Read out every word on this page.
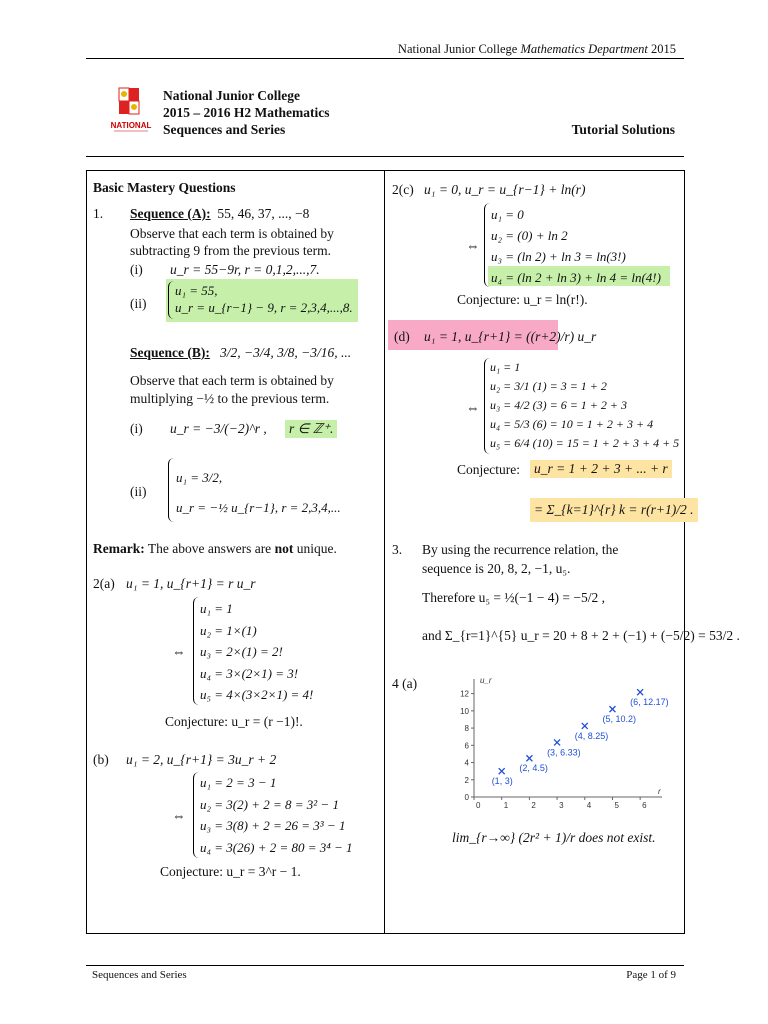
National Junior College Mathematics Department 2015
NATIONAL
National Junior College
2015 – 2016 H2 Mathematics
Sequences and Series	Tutorial Solutions
Basic Mastery Questions
1. Sequence (A): 55, 46, 37, ..., −8
Observe that each term is obtained by
subtracting 9 from the previous term.
(i) u_r = 55−9r, r = 0,1,2,...,7.
(ii)
u₁ = 55,
u_r = u_{r−1} − 9, r = 2,3,4,...,8.
Sequence (B): 3/2, −3/4, 3/8, −3/16, ...
Observe that each term is obtained by
multiplying −½ to the previous term.
(i) u_r = −3/(−2)^r , r ∈ ℤ⁺.
(ii)
u₁ = 3/2,
u_r = −½ u_{r−1}, r = 2,3,4,...
Remark: The above answers are not unique.
2(a) u₁ = 1, u_{r+1} = r u_r
⇔
u₁ = 1
u₂ = 1×(1)
u₃ = 2×(1) = 2!
u₄ = 3×(2×1) = 3!
u₅ = 4×(3×2×1) = 4!
Conjecture: u_r = (r −1)!.
(b) u₁ = 2, u_{r+1} = 3u_r + 2
⇔
u₁ = 2 = 3 − 1
u₂ = 3(2) + 2 = 8 = 3² − 1
u₃ = 3(8) + 2 = 26 = 3³ − 1
u₄ = 3(26) + 2 = 80 = 3⁴ − 1
Conjecture: u_r = 3^r − 1.
2(c) u₁ = 0, u_r = u_{r−1} + ln(r)
⇔
u₁ = 0
u₂ = (0) + ln 2
u₃ = (ln 2) + ln 3 = ln(3!)
u₄ = (ln 2 + ln 3) + ln 4 = ln(4!)
Conjecture: u_r = ln(r!).
(d) u₁ = 1, u_{r+1} = ((r+2)/r) u_r
⇔
u₁ = 1
u₂ = 3/1 (1) = 3 = 1 + 2
u₃ = 4/2 (3) = 6 = 1 + 2 + 3
u₄ = 5/3 (6) = 10 = 1 + 2 + 3 + 4
u₅ = 6/4 (10) = 15 = 1 + 2 + 3 + 4 + 5
Conjecture: u_r = 1 + 2 + 3 + ... + r
= Σ_{k=1}^{r} k = r(r+1)/2 .
3. By using the recurrence relation, the
sequence is 20, 8, 2, −1, u₅.
Therefore u₅ = ½(−1 − 4) = −5/2 ,
and Σ_{r=1}^{5} u_r = 20 + 8 + 2 + (−1) + (−5/2) = 53/2 .
4 (a)
0	1	2	3	4	5	6
0
2
4
6
8
10
12
r
u_r
(1, 3)
(2, 4.5)
(3, 6.33)
(4, 8.25)
(5, 10.2)
(6, 12.17)
lim_{r→∞} (2r² + 1)/r does not exist.
Sequences and Series	Page 1 of 9
